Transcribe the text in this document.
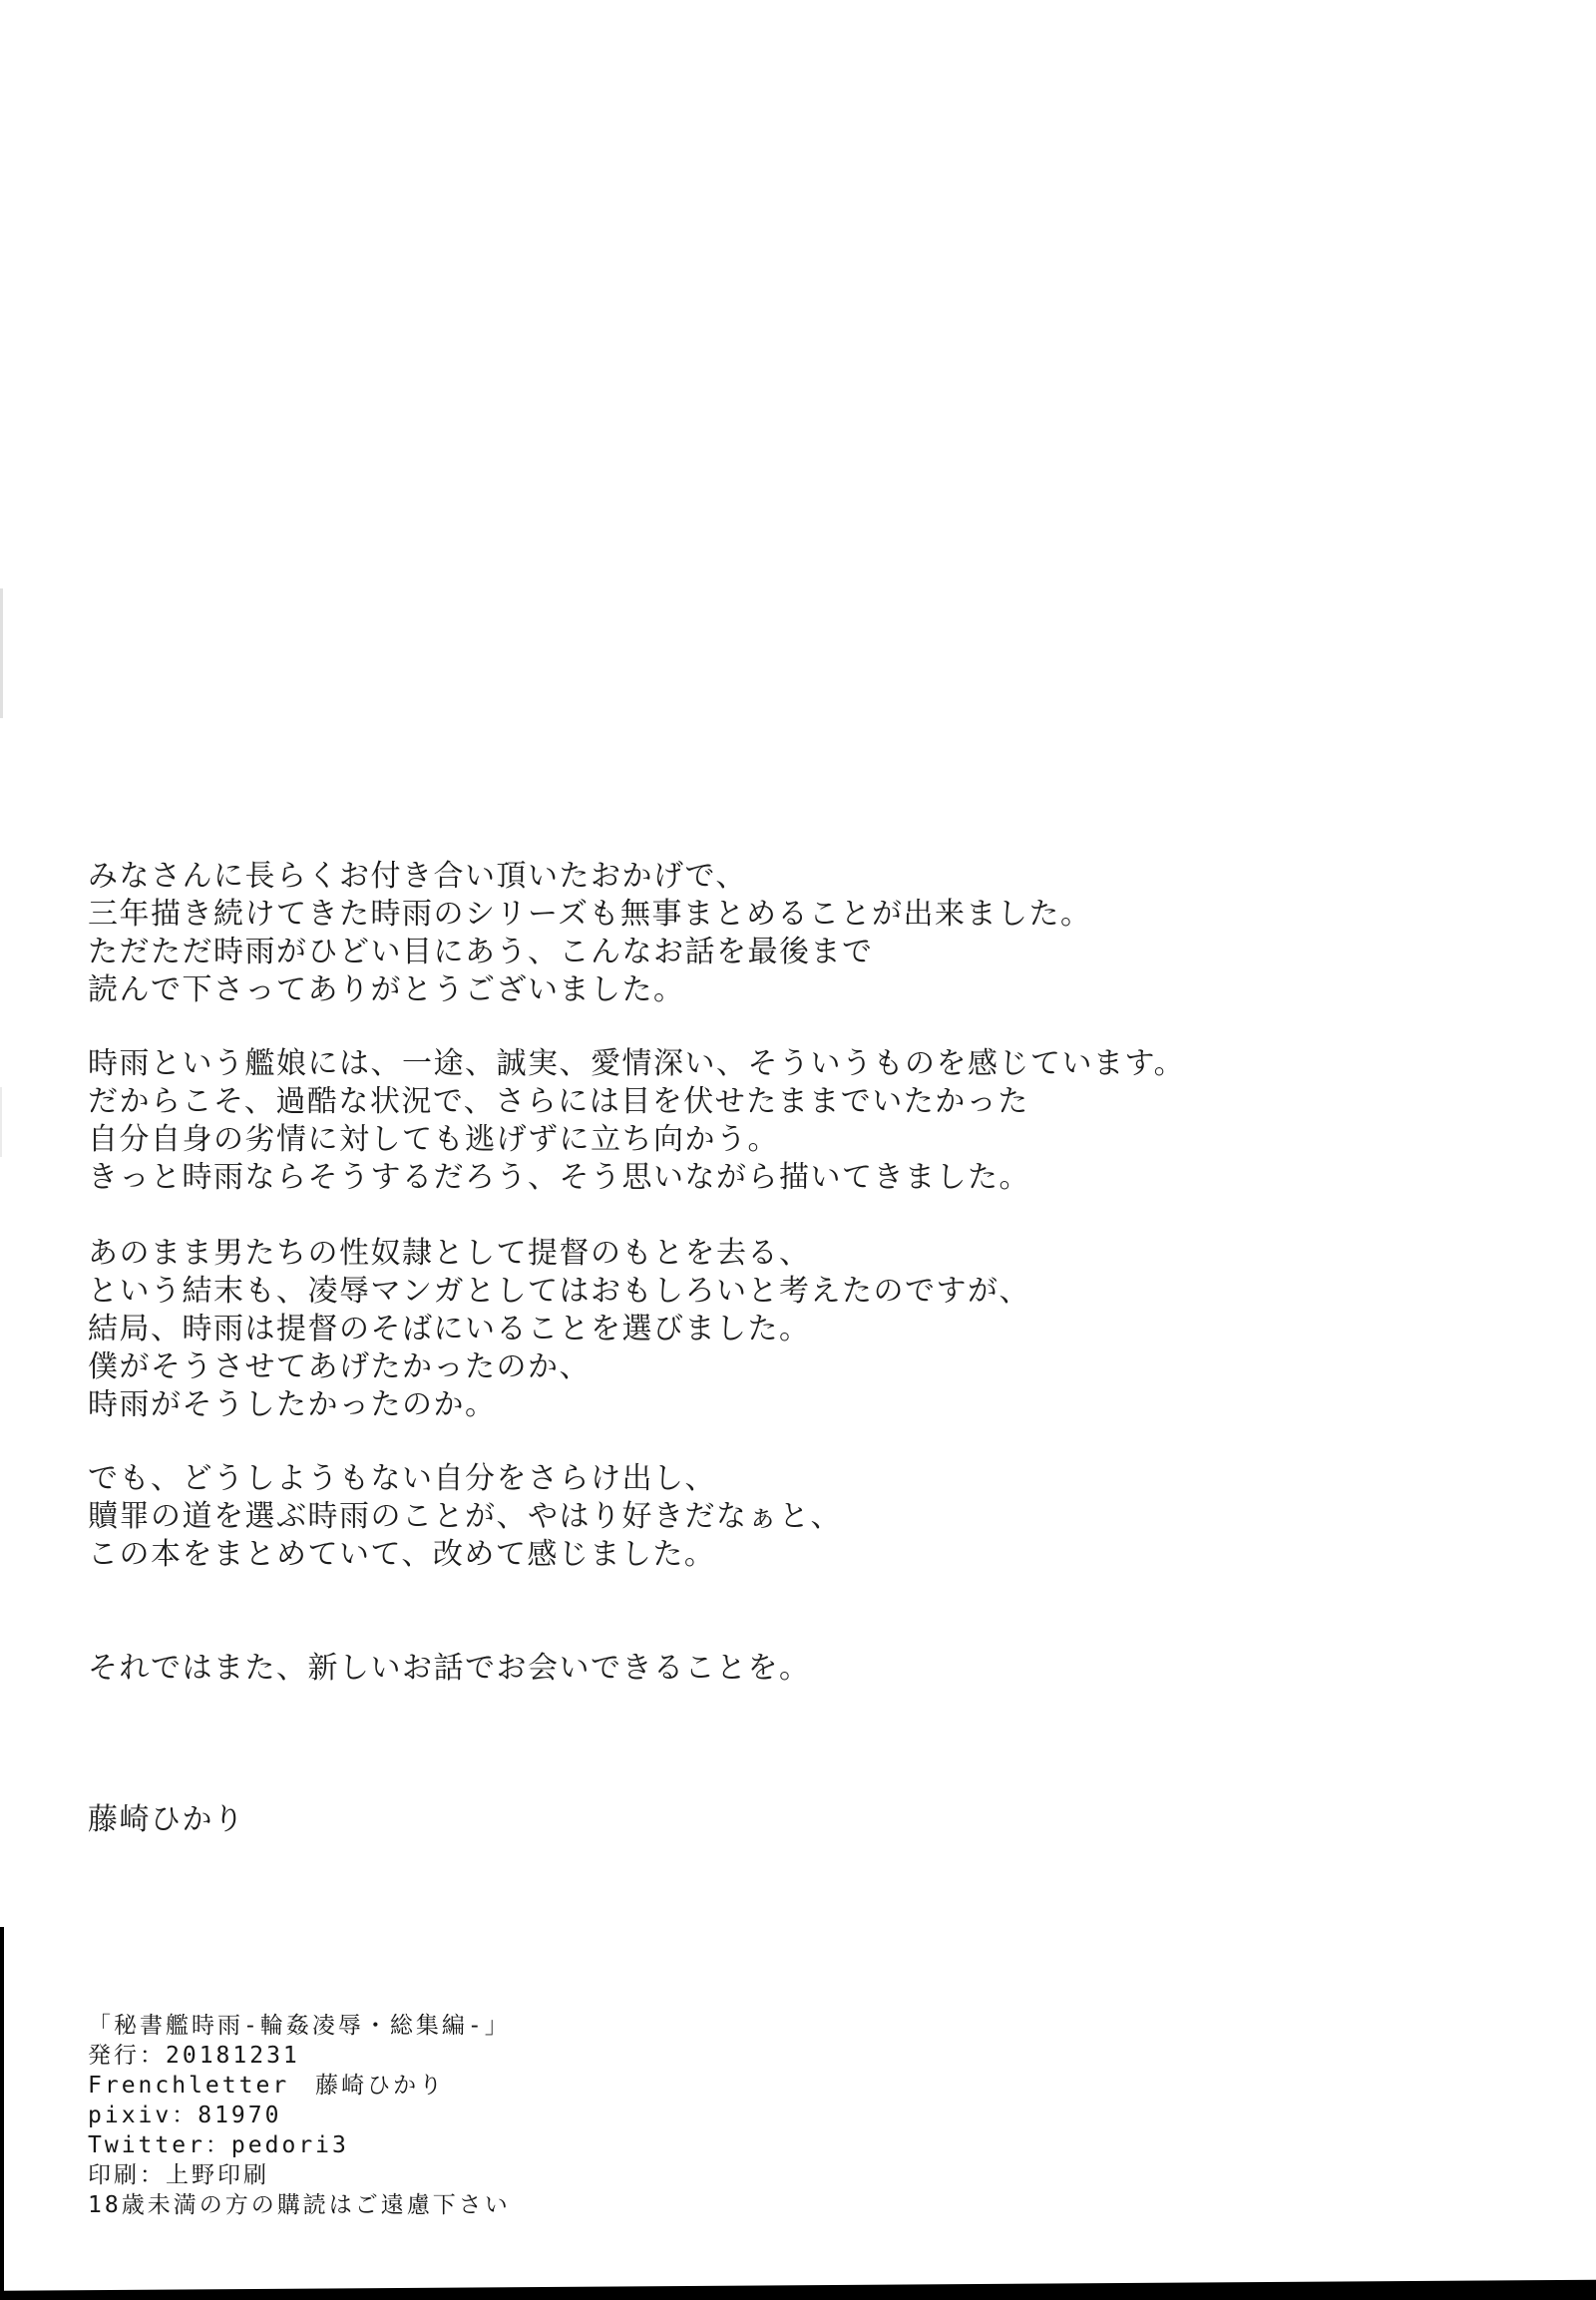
みなさんに長らくお付き合い頂いたおかげで、
三年描き続けてきた時雨のシリーズも無事まとめることが出来ました。
ただただ時雨がひどい目にあう、こんなお話を最後まで
読んで下さってありがとうございました。
時雨という艦娘には、一途、誠実、愛情深い、そういうものを感じています。
だからこそ、過酷な状況で、さらには目を伏せたままでいたかった
自分自身の劣情に対しても逃げずに立ち向かう。
きっと時雨ならそうするだろう、そう思いながら描いてきました。
あのまま男たちの性奴隷として提督のもとを去る、
という結末も、凌辱マンガとしてはおもしろいと考えたのですが、
結局、時雨は提督のそばにいることを選びました。
僕がそうさせてあげたかったのか、
時雨がそうしたかったのか。
でも、どうしようもない自分をさらけ出し、
贖罪の道を選ぶ時雨のことが、やはり好きだなぁと、
この本をまとめていて、改めて感じました。
それではまた、新しいお話でお会いできることを。
藤崎ひかり
「秘書艦時雨-輪姦凌辱・総集編-」
発行：20181231
Frenchletter　藤崎ひかり
pixiv：81970
Twitter：pedori3
印刷：上野印刷
18歳未満の方の購読はご遠慮下さい
